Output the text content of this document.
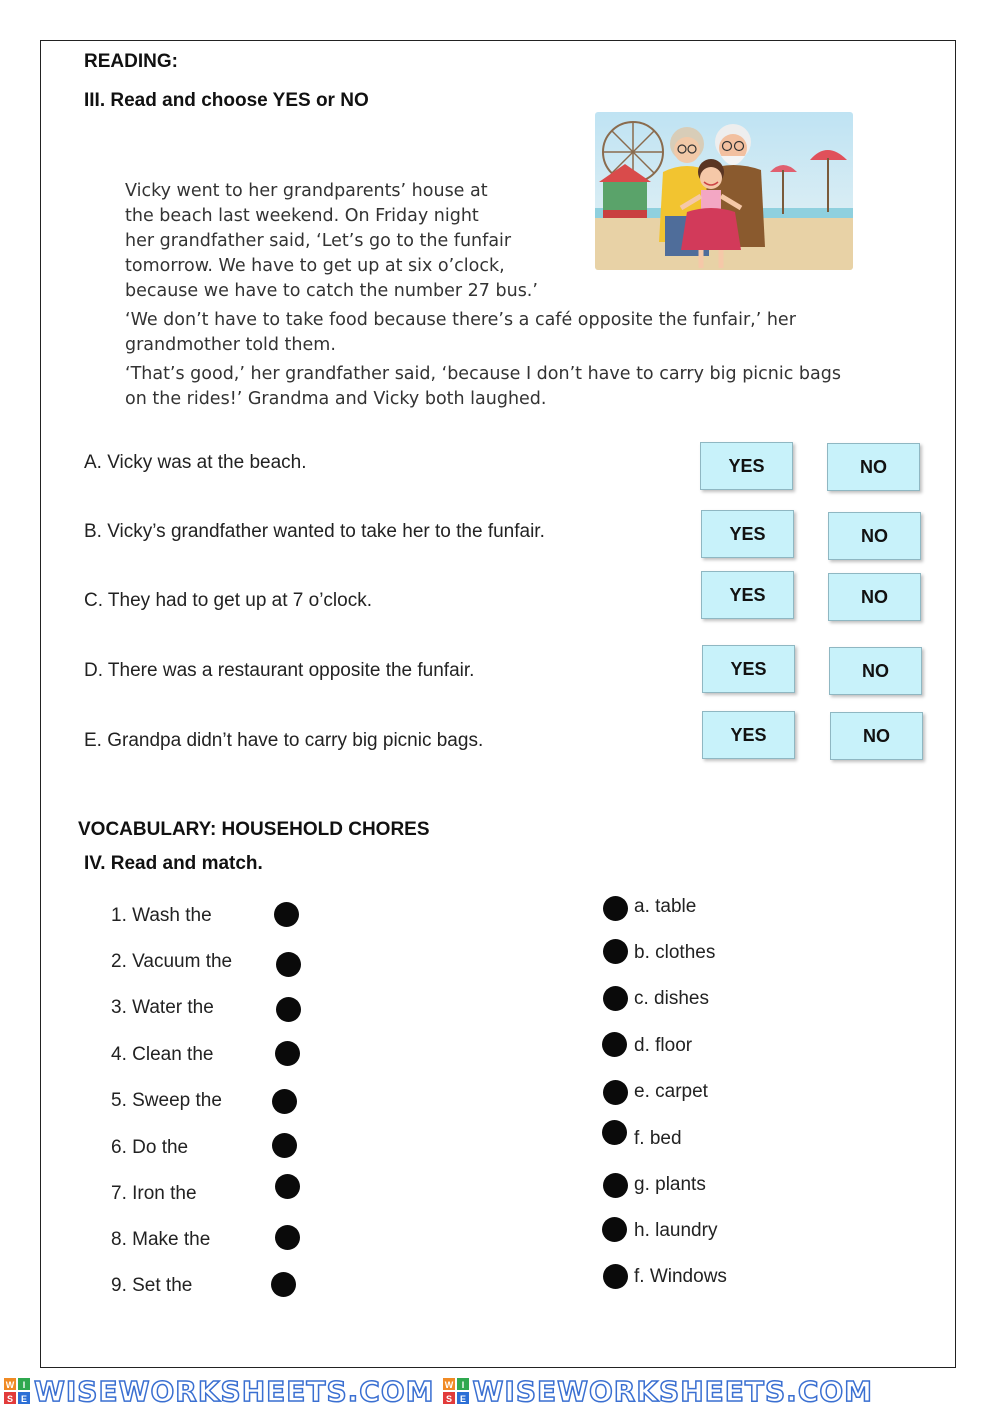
READING:
III. Read and choose YES or NO
Vicky went to her grandparents’ house at
the beach last weekend. On Friday night
her grandfather said, ‘Let’s go to the funfair
tomorrow. We have to get up at six o’clock,
because we have to catch the number 27 bus.’
‘We don’t have to take food because there’s a café opposite the funfair,’ her
grandmother told them.
‘That’s good,’ her grandfather said, ‘because I don’t have to carry big picnic bags
on the rides!’ Grandma and Vicky both laughed.
A. Vicky was at the beach.	YES	NO
B. Vicky’s grandfather wanted to take her to the funfair.	YES	NO
C. They had to get up at 7 o’clock.	YES	NO
D. There was a restaurant opposite the funfair.	YES	NO
E. Grandpa didn’t have to carry big picnic bags.	YES	NO
VOCABULARY: HOUSEHOLD CHORES
IV. Read and match.
1. Wash the
2. Vacuum the
3. Water the
4. Clean the
5. Sweep the
6. Do the
7. Iron the
8. Make the
9. Set the
a. table
b. clothes
c. dishes
d. floor
e. carpet
f. bed
g. plants
h. laundry
f. Windows
W I
S E WISEWORKSHEETS.COM W I
S E WISEWORKSHEETS.COM
